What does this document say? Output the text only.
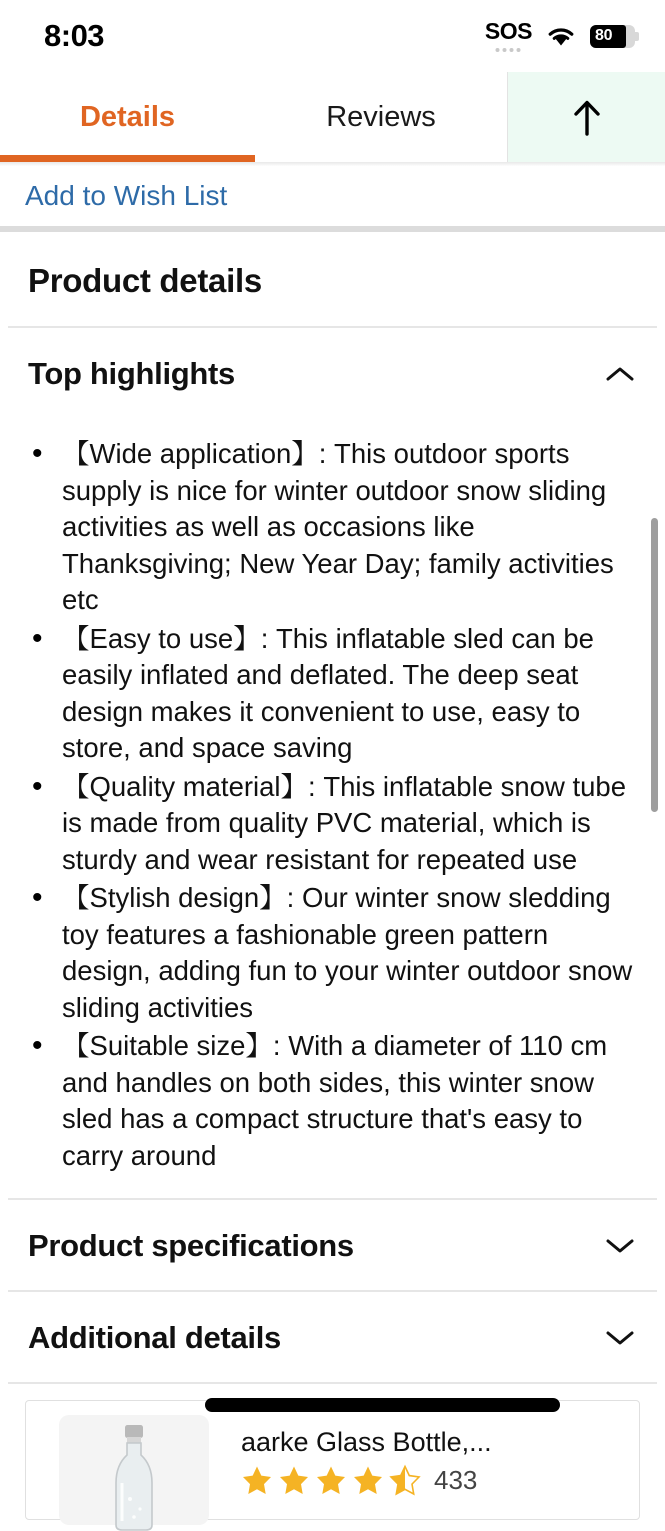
8:03	SOS	80
Details	Reviews
Add to Wish List
Product details
Top highlights
• 【Wide application】: This outdoor sports supply is nice for winter outdoor snow sliding activities as well as occasions like Thanksgiving; New Year Day; family activities etc
• 【Easy to use】: This inflatable sled can be easily inflated and deflated. The deep seat design makes it convenient to use, easy to store, and space saving
• 【Quality material】: This inflatable snow tube is made from quality PVC material, which is sturdy and wear resistant for repeated use
• 【Stylish design】: Our winter snow sledding toy features a fashionable green pattern design, adding fun to your winter outdoor snow sliding activities
• 【Suitable size】: With a diameter of 110 cm and handles on both sides, this winter snow sled has a compact structure that's easy to carry around
Product specifications
Additional details
aarke Glass Bottle,...
433
